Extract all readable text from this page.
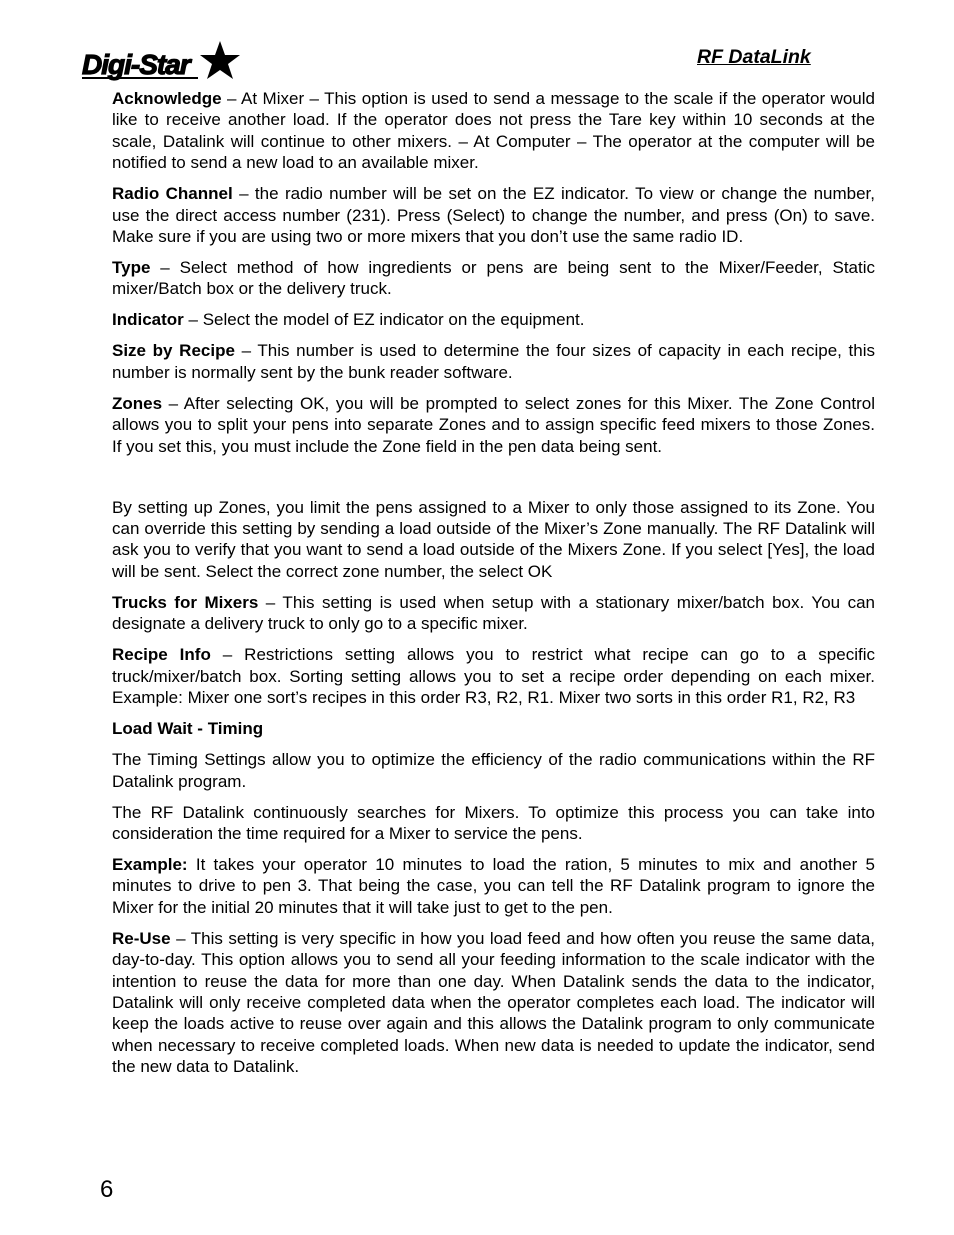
Digi-Star	RF DataLink

Acknowledge – At Mixer – This option is used to send a message to the scale if the operator would like to receive another load. If the operator does not press the Tare key within 10 seconds at the scale, Datalink will continue to other mixers. – At Computer – The operator at the computer will be notified to send a new load to an available mixer.

Radio Channel – the radio number will be set on the EZ indicator. To view or change the number, use the direct access number (231). Press (Select) to change the number, and press (On) to save. Make sure if you are using two or more mixers that you don’t use the same radio ID.

Type – Select method of how ingredients or pens are being sent to the Mixer/Feeder, Static mixer/Batch box or the delivery truck.

Indicator – Select the model of EZ indicator on the equipment.

Size by Recipe – This number is used to determine the four sizes of capacity in each recipe, this number is normally sent by the bunk reader software.

Zones – After selecting OK, you will be prompted to select zones for this Mixer. The Zone Control allows you to split your pens into separate Zones and to assign specific feed mixers to those Zones. If you set this, you must include the Zone field in the pen data being sent.

By setting up Zones, you limit the pens assigned to a Mixer to only those assigned to its Zone. You can override this setting by sending a load outside of the Mixer’s Zone manually. The RF Datalink will ask you to verify that you want to send a load outside of the Mixers Zone. If you select [Yes], the load will be sent. Select the correct zone number, the select OK

Trucks for Mixers – This setting is used when setup with a stationary mixer/batch box. You can designate a delivery truck to only go to a specific mixer.

Recipe Info – Restrictions setting allows you to restrict what recipe can go to a specific truck/mixer/batch box. Sorting setting allows you to set a recipe order depending on each mixer. Example: Mixer one sort’s recipes in this order R3, R2, R1. Mixer two sorts in this order R1, R2, R3

Load Wait - Timing

The Timing Settings allow you to optimize the efficiency of the radio communications within the RF Datalink program.

The RF Datalink continuously searches for Mixers. To optimize this process you can take into consideration the time required for a Mixer to service the pens.

Example: It takes your operator 10 minutes to load the ration, 5 minutes to mix and another 5 minutes to drive to pen 3. That being the case, you can tell the RF Datalink program to ignore the Mixer for the initial 20 minutes that it will take just to get to the pen.

Re-Use – This setting is very specific in how you load feed and how often you reuse the same data, day-to-day. This option allows you to send all your feeding information to the scale indicator with the intention to reuse the data for more than one day. When Datalink sends the data to the indicator, Datalink will only receive completed data when the operator completes each load. The indicator will keep the loads active to reuse over again and this allows the Datalink program to only communicate when necessary to receive completed loads. When new data is needed to update the indicator, send the new data to Datalink.

6
